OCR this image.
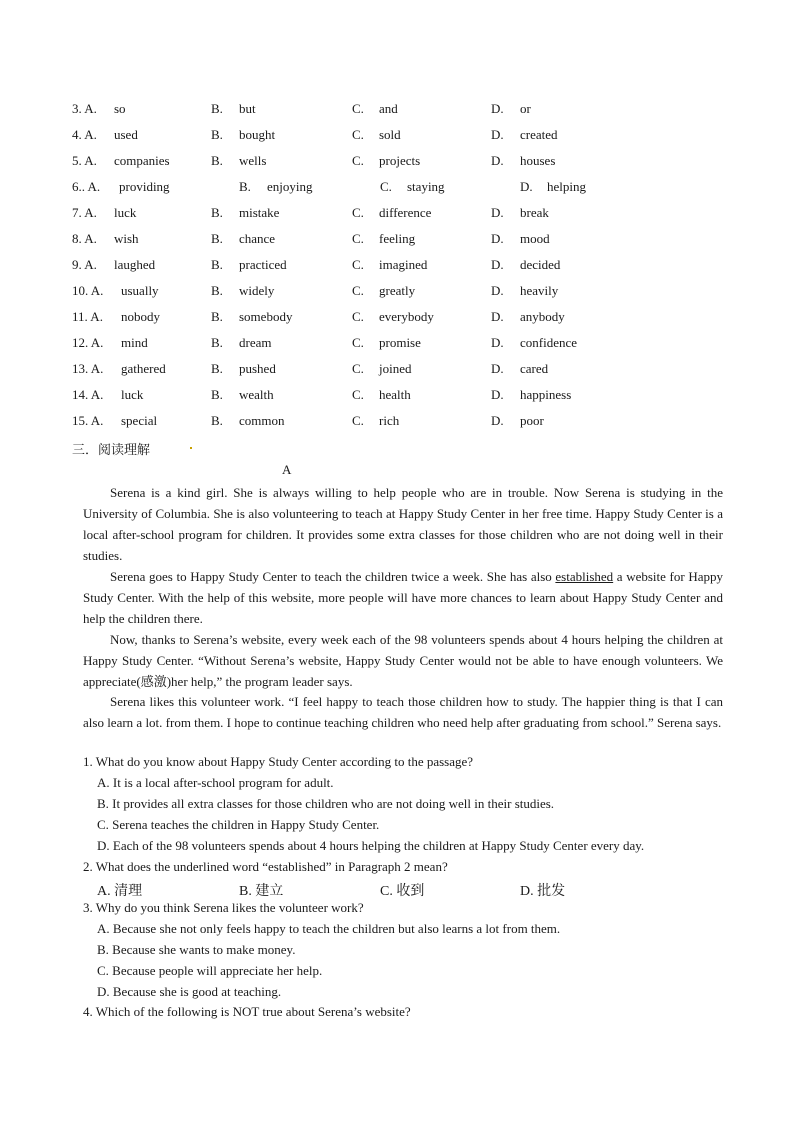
3. A. so	B. but	C. and	D. or
4. A. used	B. bought	C. sold	D. created
5. A. companies	B. wells	C. projects	D. houses
6.. A. providing	B. enjoying	C. staying	D. helping
7. A. luck	B. mistake	C. difference	D. break
8. A. wish	B. chance	C. feeling	D. mood
9. A. laughed	B. practiced	C. imagined	D. decided
10. A. usually	B. widely	C. greatly	D. heavily
11. A. nobody	B. somebody	C. everybody	D. anybody
12. A. mind	B. dream	C. promise	D. confidence
13. A. gathered	B. pushed	C. joined	D. cared
14. A. luck	B. wealth	C. health	D. happiness
15. A. special	B. common	C. rich	D. poor
三．阅读理解
A
Serena is a kind girl. She is always willing to help people who are in trouble. Now Serena is studying in the University of Columbia. She is also volunteering to teach at Happy Study Center in her free time. Happy Study Center is a local after-school program for children. It provides some extra classes for those children who are not doing well in their studies.
Serena goes to Happy Study Center to teach the children twice a week. She has also established a website for Happy Study Center. With the help of this website, more people will have more chances to learn about Happy Study Center and help the children there.
Now, thanks to Serena’s website, every week each of the 98 volunteers spends about 4 hours helping the children at Happy Study Center. “Without Serena’s website, Happy Study Center would not be able to have enough volunteers. We appreciate(感激)her help,” the program leader says.
Serena likes this volunteer work. “I feel happy to teach those children how to study. The happier thing is that I can also learn a lot. from them. I hope to continue teaching children who need help after graduating from school.” Serena says.
1. What do you know about Happy Study Center according to the passage?
A. It is a local after-school program for adult.
B. It provides all extra classes for those children who are not doing well in their studies.
C. Serena teaches the children in Happy Study Center.
D. Each of the 98 volunteers spends about 4 hours helping the children at Happy Study Center every day.
2. What does the underlined word “established” in Paragraph 2 mean?
A. 清理	B. 建立	C. 收到	D. 批发
3. Why do you think Serena likes the volunteer work?
A. Because she not only feels happy to teach the children but also learns a lot from them.
B. Because she wants to make money.
C. Because people will appreciate her help.
D. Because she is good at teaching.
4. Which of the following is NOT true about Serena’s website?
